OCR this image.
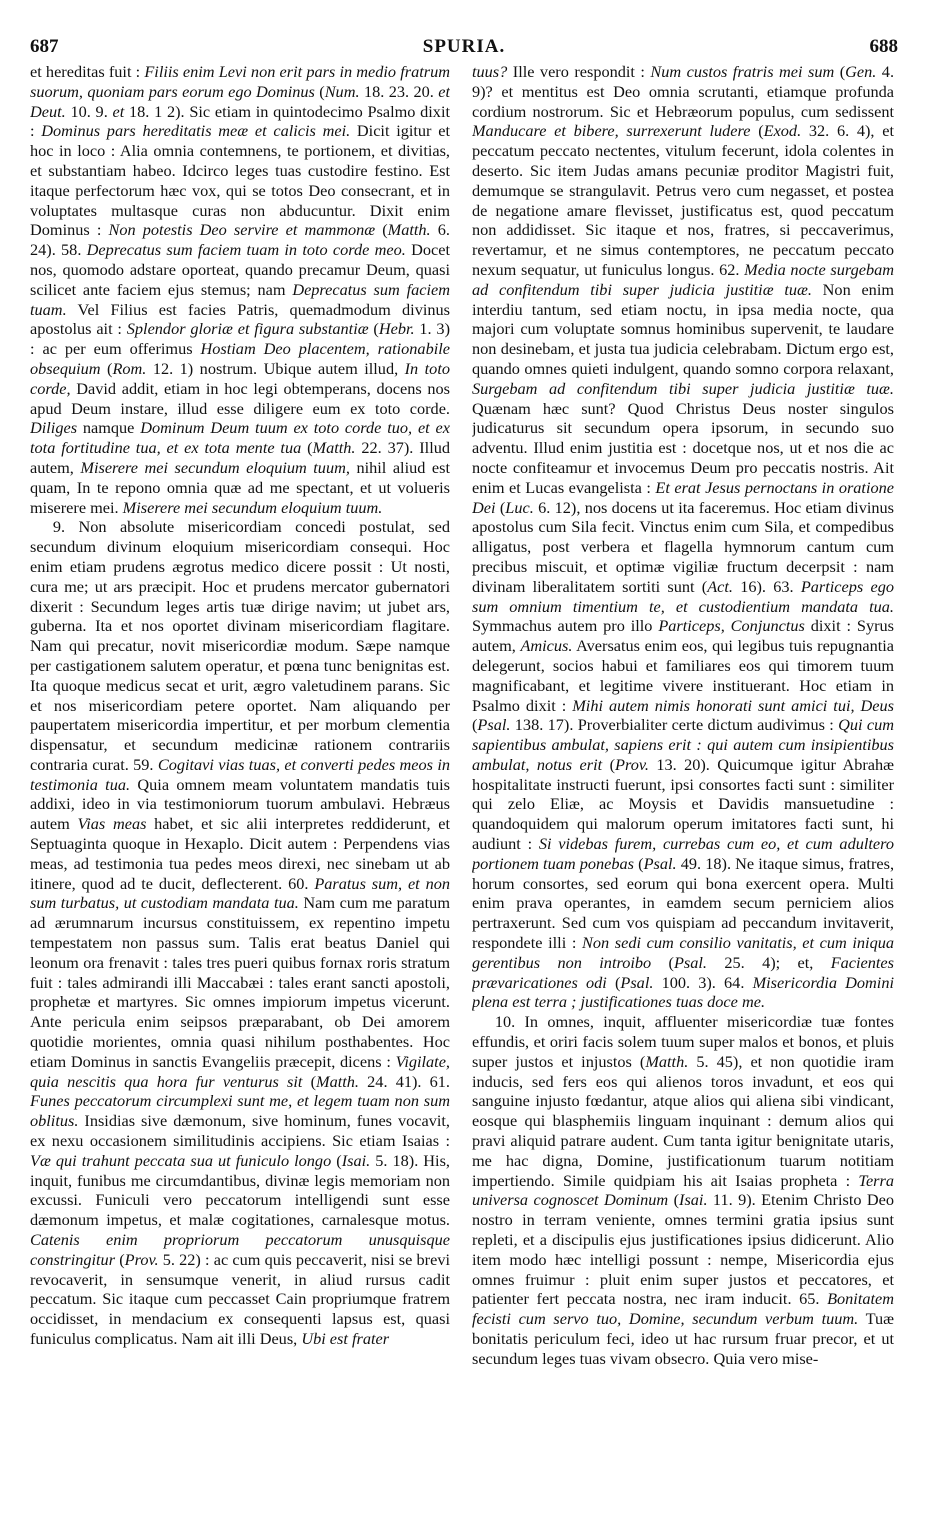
687	SPURIA.	688

et hereditas fuit : Filiis enim Levi non erit pars in medio fratrum suorum, quoniam pars eorum ego Dominus (Num. 18. 23. 20. et Deut. 10. 9. et 18. 1 2). Sic etiam in quintodecimo Psalmo dixit : Dominus pars hereditatis meæ et calicis mei. Dicit igitur et hoc in loco : Alia omnia contemnens, te portionem, et divitias, et substantiam habeo. Idcirco leges tuas custodire festino. Est itaque perfectorum hæc vox, qui se totos Deo consecrant, et in voluptates multasque curas non abducuntur. Dixit enim Dominus : Non potestis Deo servire et mammonæ (Matth. 6. 24). 58. Deprecatus sum faciem tuam in toto corde meo. Docet nos, quomodo adstare oporteat, quando precamur Deum, quasi scilicet ante faciem ejus stemus; nam Deprecatus sum faciem tuam. Vel Filius est facies Patris, quemadmodum divinus apostolus ait : Splendor gloriæ et figura substantiæ (Hebr. 1. 3) : ac per eum offerimus Hostiam Deo placentem, rationabile obsequium (Rom. 12. 1) nostrum. Ubique autem illud, In toto corde, David addit, etiam in hoc legi obtemperans, docens nos apud Deum instare, illud esse diligere eum ex toto corde. Diliges namque Dominum Deum tuum ex toto corde tuo, et ex tota fortitudine tua, et ex tota mente tua (Matth. 22. 37). Illud autem, Miserere mei secundum eloquium tuum, nihil aliud est quam, In te repono omnia quæ ad me spectant, et ut volueris miserere mei. Miserere mei secundum eloquium tuum.

9. Non absolute misericordiam concedi postulat, sed secundum divinum eloquium misericordiam consequi. Hoc enim etiam prudens ægrotus medico dicere possit : Ut nosti, cura me; ut ars præcipit. Hoc et prudens mercator gubernatori dixerit : Secundum leges artis tuæ dirige navim; ut jubet ars, guberna. Ita et nos oportet divinam misericordiam flagitare. Nam qui precatur, novit misericordiæ modum. Sæpe namque per castigationem salutem operatur, et pœna tunc benignitas est. Ita quoque medicus secat et urit, ægro valetudinem parans. Sic et nos misericordiam petere oportet. Nam aliquando per paupertatem misericordia impertitur, et per morbum clementia dispensatur, et secundum medicinæ rationem contrariis contraria curat. 59. Cogitavi vias tuas, et converti pedes meos in testimonia tua. Quia omnem meam voluntatem mandatis tuis addixi, ideo in via testimoniorum tuorum ambulavi. Hebræus autem Vias meas habet, et sic alii interpretes reddiderunt, et Septuaginta quoque in Hexaplo. Dicit autem : Perpendens vias meas, ad testimonia tua pedes meos direxi, nec sinebam ut ab itinere, quod ad te ducit, deflecterent. 60. Paratus sum, et non sum turbatus, ut custodiam mandata tua. Nam cum me paratum ad ærumnarum incursus constituissem, ex repentino impetu tempestatem non passus sum. Talis erat beatus Daniel qui leonum ora frenavit : tales tres pueri quibus fornax roris stratum fuit : tales admirandi illi Maccabæi : tales erant sancti apostoli, prophetæ et martyres. Sic omnes impiorum impetus vicerunt. Ante pericula enim seipsos præparabant, ob Dei amorem quotidie morientes, omnia quasi nihilum posthabentes. Hoc etiam Dominus in sanctis Evangeliis præcepit, dicens : Vigilate, quia nescitis qua hora fur venturus sit (Matth. 24. 41). 61. Funes peccatorum circumplexi sunt me, et legem tuam non sum oblitus. Insidias sive dæmonum, sive hominum, funes vocavit, ex nexu occasionem similitudinis accipiens. Sic etiam Isaias : Væ qui trahunt peccata sua ut funiculo longo (Isai. 5. 18). His, inquit, funibus me circumdantibus, divinæ legis memoriam non excussi. Funiculi vero peccatorum intelligendi sunt esse dæmonum impetus, et malæ cogitationes, carnalesque motus. Catenis enim propriorum peccatorum unusquisque constringitur (Prov. 5. 22) : ac cum quis peccaverit, nisi se brevi revocaverit, in sensumque venerit, in aliud rursus cadit peccatum. Sic itaque cum peccasset Cain propriumque fratrem occidisset, in mendacium ex consequenti lapsus est, quasi funiculus complicatus. Nam ait illi Deus, Ubi est frater

tuus? Ille vero respondit : Num custos fratris mei sum (Gen. 4. 9)? et mentitus est Deo omnia scrutanti, etiamque profunda cordium nostrorum. Sic et Hebræorum populus, cum sedissent Manducare et bibere, surrexerunt ludere (Exod. 32. 6. 4), et peccatum peccato nectentes, vitulum fecerunt, idola colentes in deserto. Sic item Judas amans pecuniæ proditor Magistri fuit, demumque se strangulavit. Petrus vero cum negasset, et postea de negatione amare flevisset, justificatus est, quod peccatum non addidisset. Sic itaque et nos, fratres, si peccaverimus, revertamur, et ne simus contemptores, ne peccatum peccato nexum sequatur, ut funiculus longus. 62. Media nocte surgebam ad confitendum tibi super judicia justitiæ tuæ. Non enim interdiu tantum, sed etiam noctu, in ipsa media nocte, qua majori cum voluptate somnus hominibus supervenit, te laudare non desinebam, et justa tua judicia celebrabam. Dictum ergo est, quando omnes quieti indulgent, quando somno corpora relaxant, Surgebam ad confitendum tibi super judicia justitiæ tuæ. Quænam hæc sunt? Quod Christus Deus noster singulos judicaturus sit secundum opera ipsorum, in secundo suo adventu. Illud enim justitia est : docetque nos, ut et nos die ac nocte confiteamur et invocemus Deum pro peccatis nostris. Ait enim et Lucas evangelista : Et erat Jesus pernoctans in oratione Dei (Luc. 6. 12), nos docens ut ita faceremus. Hoc etiam divinus apostolus cum Sila fecit. Vinctus enim cum Sila, et compedibus alligatus, post verbera et flagella hymnorum cantum cum precibus miscuit, et optimæ vigiliæ fructum decerpsit : nam divinam liberalitatem sortiti sunt (Act. 16). 63. Particeps ego sum omnium timentium te, et custodientium mandata tua. Symmachus autem pro illo Particeps, Conjunctus dixit : Syrus autem, Amicus. Aversatus enim eos, qui legibus tuis repugnantia delegerunt, socios habui et familiares eos qui timorem tuum magnificabant, et legitime vivere instituerant. Hoc etiam in Psalmo dixit : Mihi autem nimis honorati sunt amici tui, Deus (Psal. 138. 17). Proverbialiter certe dictum audivimus : Qui cum sapientibus ambulat, sapiens erit : qui autem cum insipientibus ambulat, notus erit (Prov. 13. 20). Quicumque igitur Abrahæ hospitalitate instructi fuerunt, ipsi consortes facti sunt : similiter qui zelo Eliæ, ac Moysis et Davidis mansuetudine : quandoquidem qui malorum operum imitatores facti sunt, hi audiunt : Si videbas furem, currebas cum eo, et cum adultero portionem tuam ponebas (Psal. 49. 18). Ne itaque simus, fratres, horum consortes, sed eorum qui bona exercent opera. Multi enim prava operantes, in eamdem secum perniciem alios pertraxerunt. Sed cum vos quispiam ad peccandum invitaverit, respondete illi : Non sedi cum consilio vanitatis, et cum iniqua gerentibus non introibo (Psal. 25. 4); et, Facientes prævaricationes odi (Psal. 100. 3). 64. Misericordia Domini plena est terra ; justificationes tuas doce me.

10. In omnes, inquit, affluenter misericordiæ tuæ fontes effundis, et oriri facis solem tuum super malos et bonos, et pluis super justos et injustos (Matth. 5. 45), et non quotidie iram inducis, sed fers eos qui alienos toros invadunt, et eos qui sanguine injusto fœdantur, atque alios qui aliena sibi vindicant, eosque qui blasphemiis linguam inquinant : demum alios qui pravi aliquid patrare audent. Cum tanta igitur benignitate utaris, me hac digna, Domine, justificationum tuarum notitiam impertiendo. Simile quidpiam his ait Isaias propheta : Terra universa cognoscet Dominum (Isai. 11. 9). Etenim Christo Deo nostro in terram veniente, omnes termini gratia ipsius sunt repleti, et a discipulis ejus justificationes ipsius didicerunt. Alio item modo hæc intelligi possunt : nempe, Misericordia ejus omnes fruimur : pluit enim super justos et peccatores, et patienter fert peccata nostra, nec iram inducit. 65. Bonitatem fecisti cum servo tuo, Domine, secundum verbum tuum. Tuæ bonitatis periculum feci, ideo ut hac rursum fruar precor, et ut secundum leges tuas vivam obsecro. Quia vero mise-
